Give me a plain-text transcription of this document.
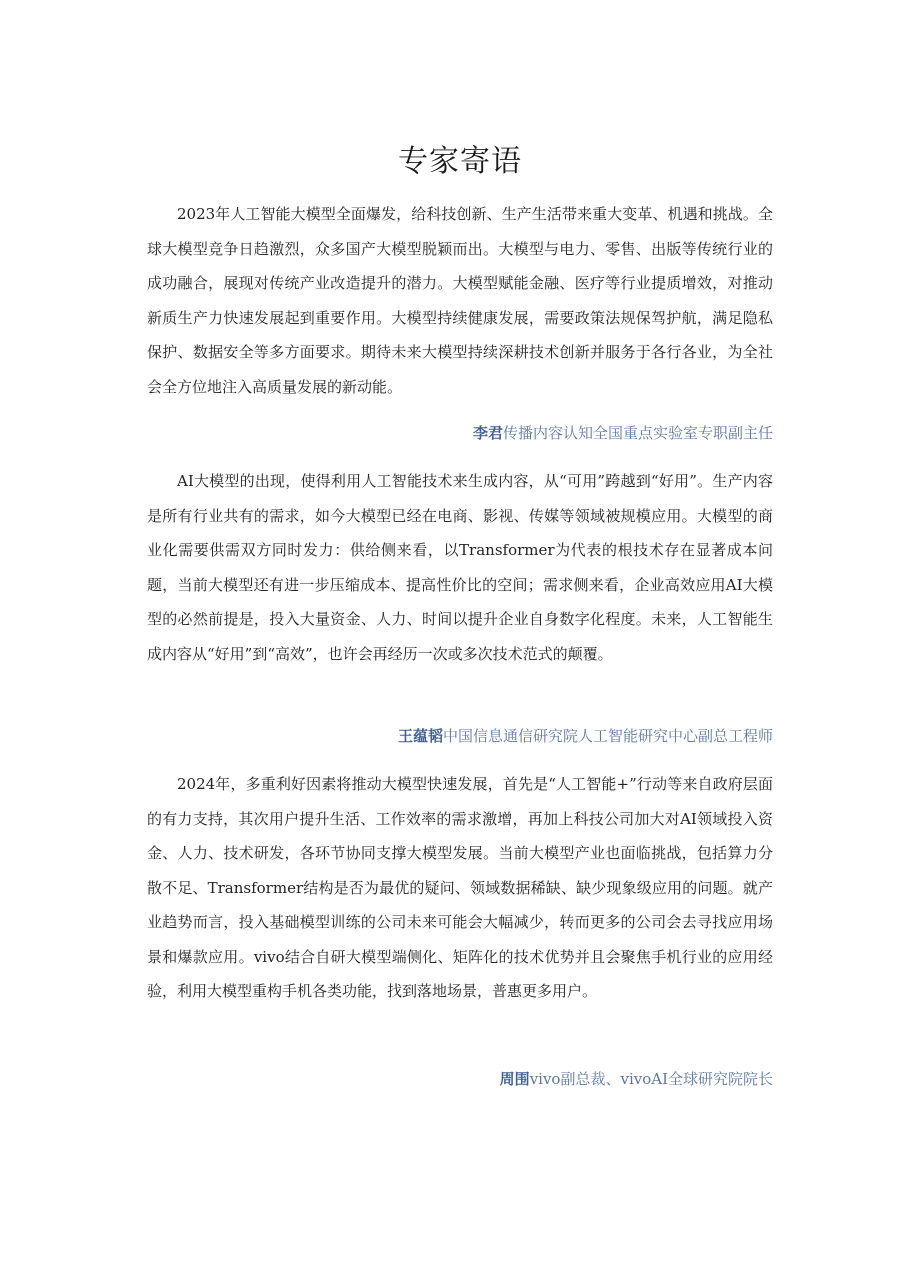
专家寄语

2023年人工智能大模型全面爆发，给科技创新、生产生活带来重大变革、机遇和挑战。全球大模型竞争日趋激烈，众多国产大模型脱颖而出。大模型与电力、零售、出版等传统行业的成功融合，展现对传统产业改造提升的潜力。大模型赋能金融、医疗等行业提质增效，对推动新质生产力快速发展起到重要作用。大模型持续健康发展，需要政策法规保驾护航，满足隐私保护、数据安全等多方面要求。期待未来大模型持续深耕技术创新并服务于各行各业，为全社会全方位地注入高质量发展的新动能。

李君传播内容认知全国重点实验室专职副主任

AI大模型的出现，使得利用人工智能技术来生成内容，从“可用”跨越到“好用”。生产内容是所有行业共有的需求，如今大模型已经在电商、影视、传媒等领域被规模应用。大模型的商业化需要供需双方同时发力：供给侧来看，以Transformer为代表的根技术存在显著成本问题，当前大模型还有进一步压缩成本、提高性价比的空间；需求侧来看，企业高效应用AI大模型的必然前提是，投入大量资金、人力、时间以提升企业自身数字化程度。未来，人工智能生成内容从“好用”到“高效”，也许会再经历一次或多次技术范式的颠覆。

王蕴韬中国信息通信研究院人工智能研究中心副总工程师

2024年，多重利好因素将推动大模型快速发展，首先是“人工智能+”行动等来自政府层面的有力支持，其次用户提升生活、工作效率的需求激增，再加上科技公司加大对AI领域投入资金、人力、技术研发，各环节协同支撑大模型发展。当前大模型产业也面临挑战，包括算力分散不足、Transformer结构是否为最优的疑问、领域数据稀缺、缺少现象级应用的问题。就产业趋势而言，投入基础模型训练的公司未来可能会大幅减少，转而更多的公司会去寻找应用场景和爆款应用。vivo结合自研大模型端侧化、矩阵化的技术优势并且会聚焦手机行业的应用经验，利用大模型重构手机各类功能，找到落地场景，普惠更多用户。

周围vivo副总裁、vivoAI全球研究院院长
